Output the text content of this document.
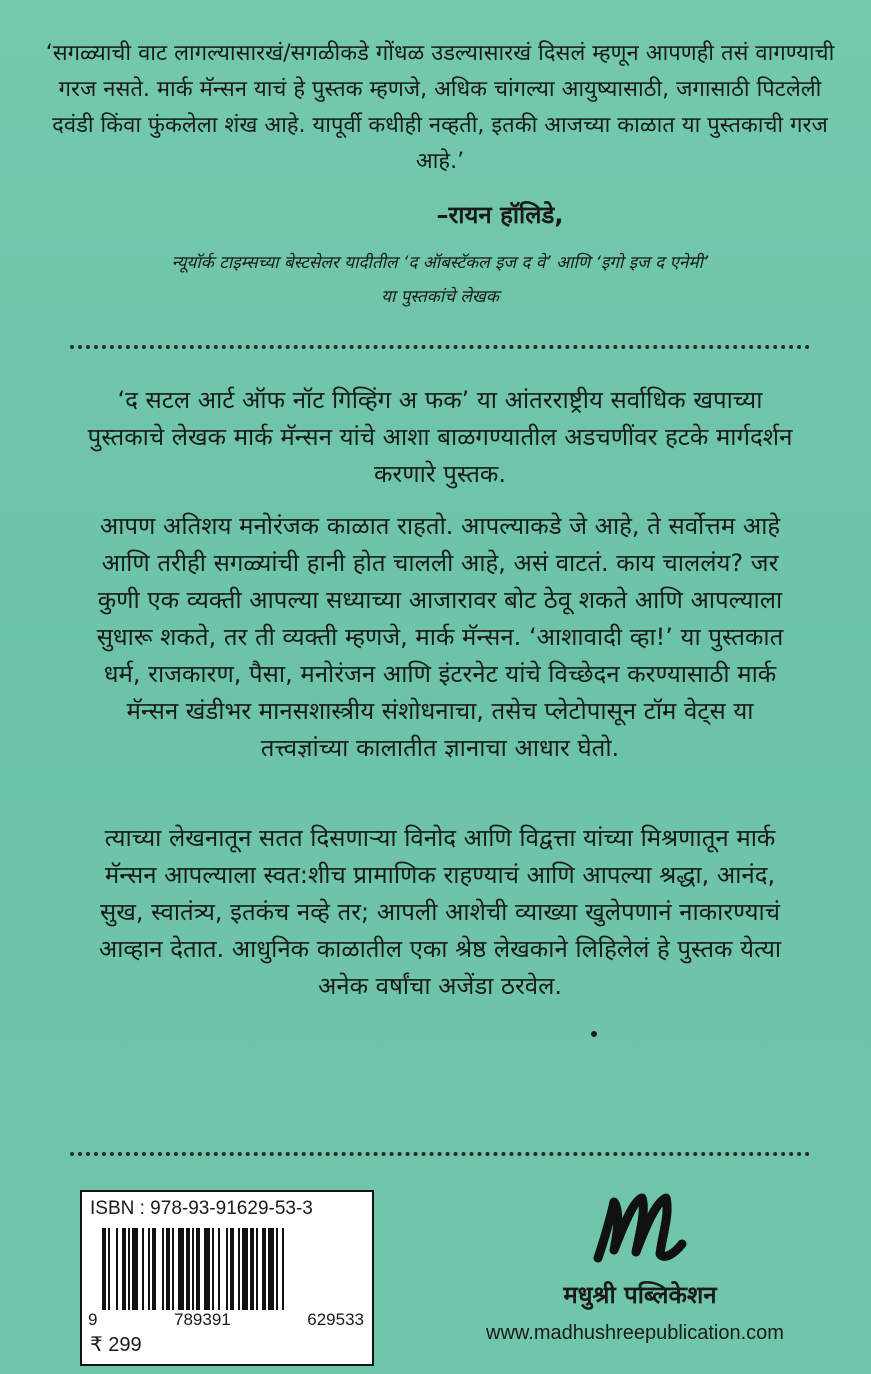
‘सगळ्याची वाट लागल्यासारखं/सगळीकडे गोंधळ उडल्यासारखं दिसलं म्हणून आपणही तसं वागण्याची गरज नसते. मार्क मॅन्सन याचं हे पुस्तक म्हणजे, अधिक चांगल्या आयुष्यासाठी, जगासाठी पिटलेली दवंडी किंवा फुंकलेला शंख आहे. यापूर्वी कधीही नव्हती, इतकी आजच्या काळात या पुस्तकाची गरज आहे.’
–रायन हॉलिडे,
न्यूयॉर्क टाइम्सच्या बेस्टसेलर यादीतील ‘द ऑबस्टॅकल इज द वे’ आणि ‘इगो इज द एनेमी’
या पुस्तकांचे लेखक
‘द सटल आर्ट ऑफ नॉट गिव्हिंग अ फक’ या आंतरराष्ट्रीय सर्वाधिक खपाच्या पुस्तकाचे लेखक मार्क मॅन्सन यांचे आशा बाळगण्यातील अडचणींवर हटके मार्गदर्शन करणारे पुस्तक.
आपण अतिशय मनोरंजक काळात राहतो. आपल्याकडे जे आहे, ते सर्वोत्तम आहे आणि तरीही सगळ्यांची हानी होत चालली आहे, असं वाटतं. काय चाललंय? जर कुणी एक व्यक्ती आपल्या सध्याच्या आजारावर बोट ठेवू शकते आणि आपल्याला सुधारू शकते, तर ती व्यक्ती म्हणजे, मार्क मॅन्सन. ‘आशावादी व्हा!’ या पुस्तकात धर्म, राजकारण, पैसा, मनोरंजन आणि इंटरनेट यांचे विच्छेदन करण्यासाठी मार्क मॅन्सन खंडीभर मानसशास्त्रीय संशोधनाचा, तसेच प्लेटोपासून टॉम वेट्स या तत्त्वज्ञांच्या कालातीत ज्ञानाचा आधार घेतो.
त्याच्या लेखनातून सतत दिसणाऱ्या विनोद आणि विद्वत्ता यांच्या मिश्रणातून मार्क मॅन्सन आपल्याला स्वत:शीच प्रामाणिक राहण्याचं आणि आपल्या श्रद्धा, आनंद, सुख, स्वातंत्र्य, इतकंच नव्हे तर; आपली आशेची व्याख्या खुलेपणानं नाकारण्याचं आव्हान देतात. आधुनिक काळातील एका श्रेष्ठ लेखकाने लिहिलेलं हे पुस्तक येत्या अनेक वर्षांचा अजेंडा ठरवेल.
ISBN : 978-93-91629-53-3
9	789391	629533
₹ 299
मधुश्री पब्लिकेशन
www.madhushreepublication.com
